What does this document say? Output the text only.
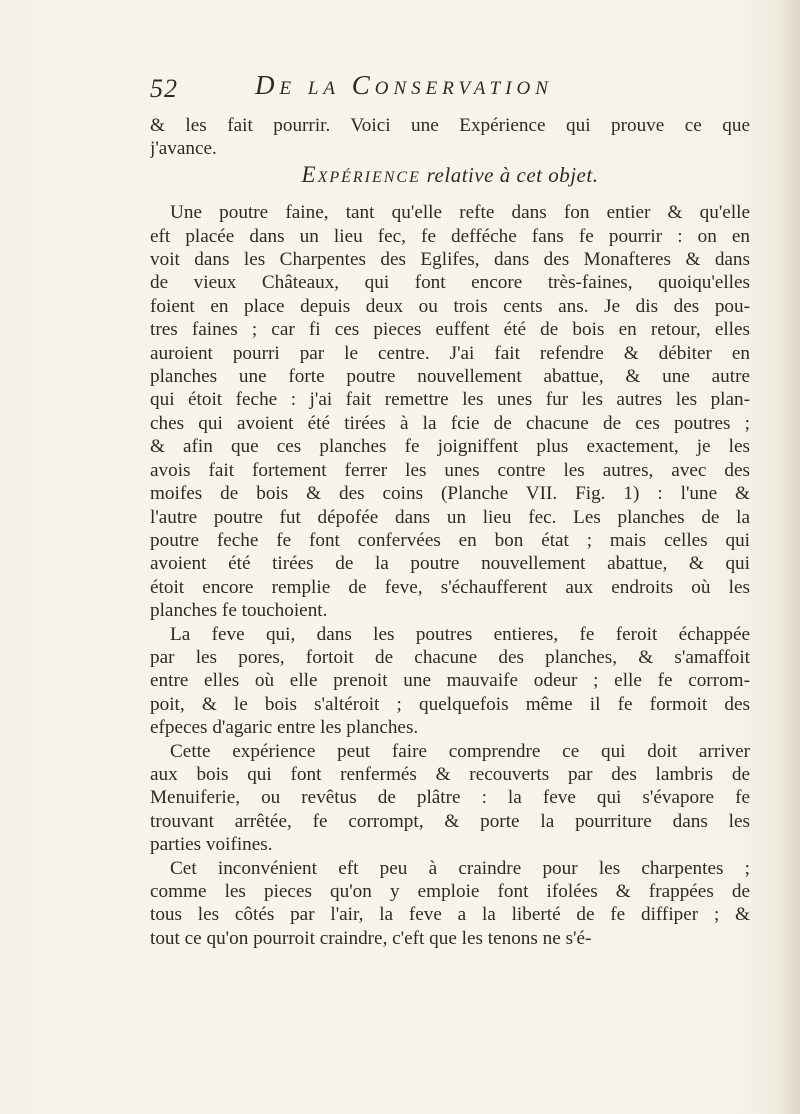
52	De la Conservation
& les fait pourrir. Voici une Expérience qui prouve ce que
j'avance.
Expérience relative à cet objet.
Une poutre faine, tant qu'elle refte dans fon entier & qu'elle
eft placée dans un lieu fec, fe defféche fans fe pourrir : on en
voit dans les Charpentes des Eglifes, dans des Monafteres & dans
de vieux Châteaux, qui font encore très-faines, quoiqu'elles
foient en place depuis deux ou trois cents ans. Je dis des pou-
tres faines ; car fi ces pieces euffent été de bois en retour, elles
auroient pourri par le centre. J'ai fait refendre & débiter en
planches une forte poutre nouvellement abattue, & une autre
qui étoit feche : j'ai fait remettre les unes fur les autres les plan-
ches qui avoient été tirées à la fcie de chacune de ces poutres ;
& afin que ces planches fe joigniffent plus exactement, je les
avois fait fortement ferrer les unes contre les autres, avec des
moifes de bois & des coins (Planche VII. Fig. 1) : l'une &
l'autre poutre fut dépofée dans un lieu fec. Les planches de la
poutre feche fe font confervées en bon état ; mais celles qui
avoient été tirées de la poutre nouvellement abattue, & qui
étoit encore remplie de feve, s'échaufferent aux endroits où les
planches fe touchoient.
La feve qui, dans les poutres entieres, fe feroit échappée
par les pores, fortoit de chacune des planches, & s'amaffoit
entre elles où elle prenoit une mauvaife odeur ; elle fe corrom-
poit, & le bois s'altéroit ; quelquefois même il fe formoit des
efpeces d'agaric entre les planches.
Cette expérience peut faire comprendre ce qui doit arriver
aux bois qui font renfermés & recouverts par des lambris de
Menuiferie, ou revêtus de plâtre : la feve qui s'évapore fe
trouvant arrêtée, fe corrompt, & porte la pourriture dans les
parties voifines.
Cet inconvénient eft peu à craindre pour les charpentes ;
comme les pieces qu'on y emploie font ifolées & frappées de
tous les côtés par l'air, la feve a la liberté de fe diffiper ; &
tout ce qu'on pourroit craindre, c'eft que les tenons ne s'é-
